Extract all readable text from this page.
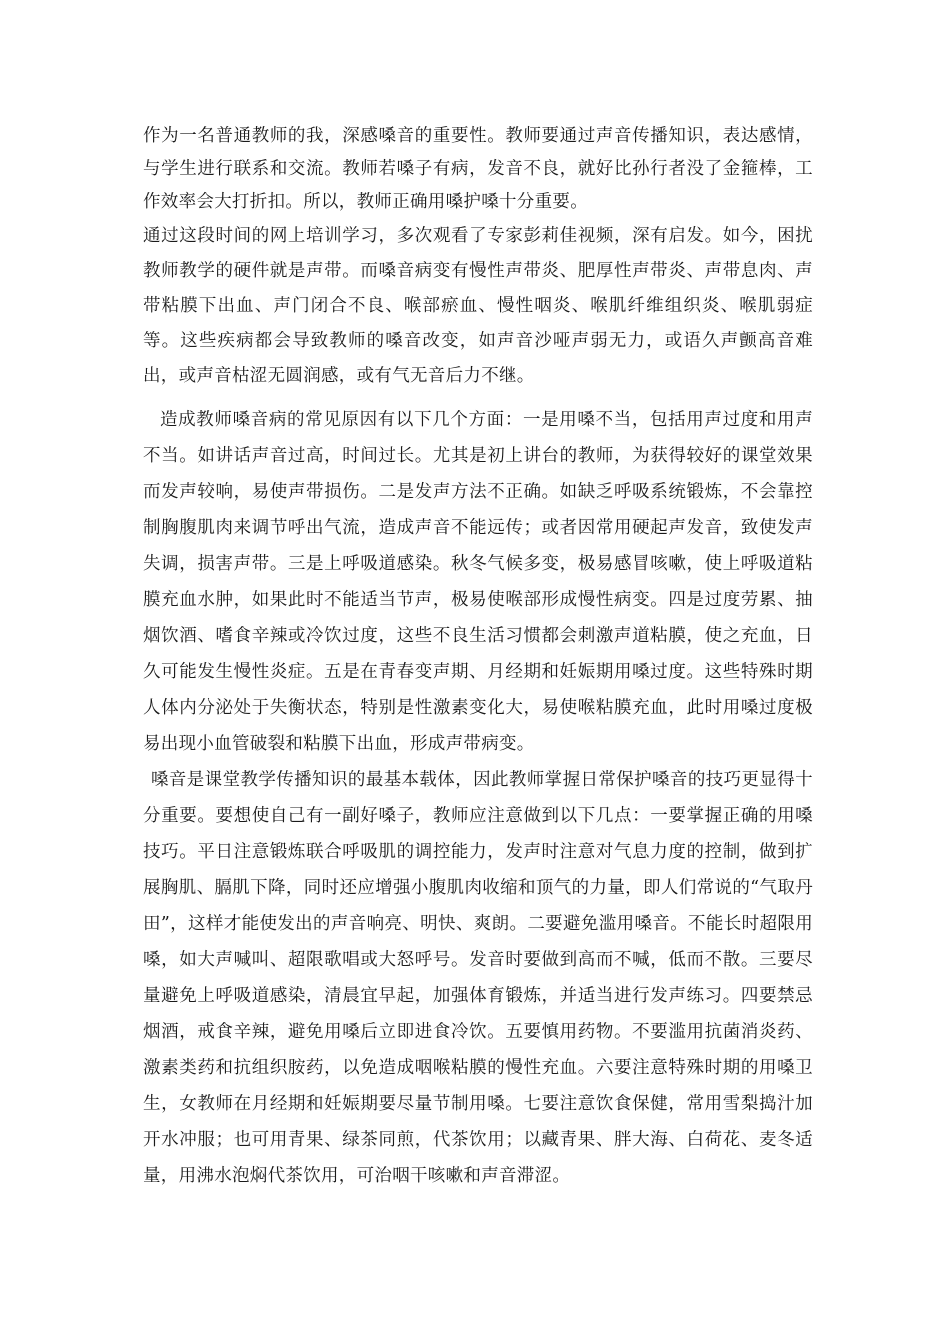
作为一名普通教师的我，深感嗓音的重要性。教师要通过声音传播知识，表达感情，与学生进行联系和交流。教师若嗓子有病，发音不良，就好比孙行者没了金箍棒，工作效率会大打折扣。所以，教师正确用嗓护嗓十分重要。

通过这段时间的网上培训学习，多次观看了专家彭莉佳视频，深有启发。如今，困扰教师教学的硬件就是声带。而嗓音病变有慢性声带炎、肥厚性声带炎、声带息肉、声带粘膜下出血、声门闭合不良、喉部瘀血、慢性咽炎、喉肌纤维组织炎、喉肌弱症等。这些疾病都会导致教师的嗓音改变，如声音沙哑声弱无力，或语久声颤高音难出，或声音枯涩无圆润感，或有气无音后力不继。

造成教师嗓音病的常见原因有以下几个方面：一是用嗓不当，包括用声过度和用声不当。如讲话声音过高，时间过长。尤其是初上讲台的教师，为获得较好的课堂效果而发声较响，易使声带损伤。二是发声方法不正确。如缺乏呼吸系统锻炼，不会靠控制胸腹肌肉来调节呼出气流，造成声音不能远传；或者因常用硬起声发音，致使发声失调，损害声带。三是上呼吸道感染。秋冬气候多变，极易感冒咳嗽，使上呼吸道粘膜充血水肿，如果此时不能适当节声，极易使喉部形成慢性病变。四是过度劳累、抽烟饮酒、嗜食辛辣或冷饮过度，这些不良生活习惯都会刺激声道粘膜，使之充血，日久可能发生慢性炎症。五是在青春变声期、月经期和妊娠期用嗓过度。这些特殊时期人体内分泌处于失衡状态，特别是性激素变化大，易使喉粘膜充血，此时用嗓过度极易出现小血管破裂和粘膜下出血，形成声带病变。

嗓音是课堂教学传播知识的最基本载体，因此教师掌握日常保护嗓音的技巧更显得十分重要。要想使自己有一副好嗓子，教师应注意做到以下几点：一要掌握正确的用嗓技巧。平日注意锻炼联合呼吸肌的调控能力，发声时注意对气息力度的控制，做到扩展胸肌、膈肌下降，同时还应增强小腹肌肉收缩和顶气的力量，即人们常说的“气取丹田”，这样才能使发出的声音响亮、明快、爽朗。二要避免滥用嗓音。不能长时超限用嗓，如大声喊叫、超限歌唱或大怒呼号。发音时要做到高而不喊，低而不散。三要尽量避免上呼吸道感染，清晨宜早起，加强体育锻炼，并适当进行发声练习。四要禁忌烟酒，戒食辛辣，避免用嗓后立即进食冷饮。五要慎用药物。不要滥用抗菌消炎药、激素类药和抗组织胺药，以免造成咽喉粘膜的慢性充血。六要注意特殊时期的用嗓卫生，女教师在月经期和妊娠期要尽量节制用嗓。七要注意饮食保健，常用雪梨捣汁加开水冲服；也可用青果、绿茶同煎，代茶饮用；以藏青果、胖大海、白荷花、麦冬适量，用沸水泡焖代茶饮用，可治咽干咳嗽和声音滞涩。
